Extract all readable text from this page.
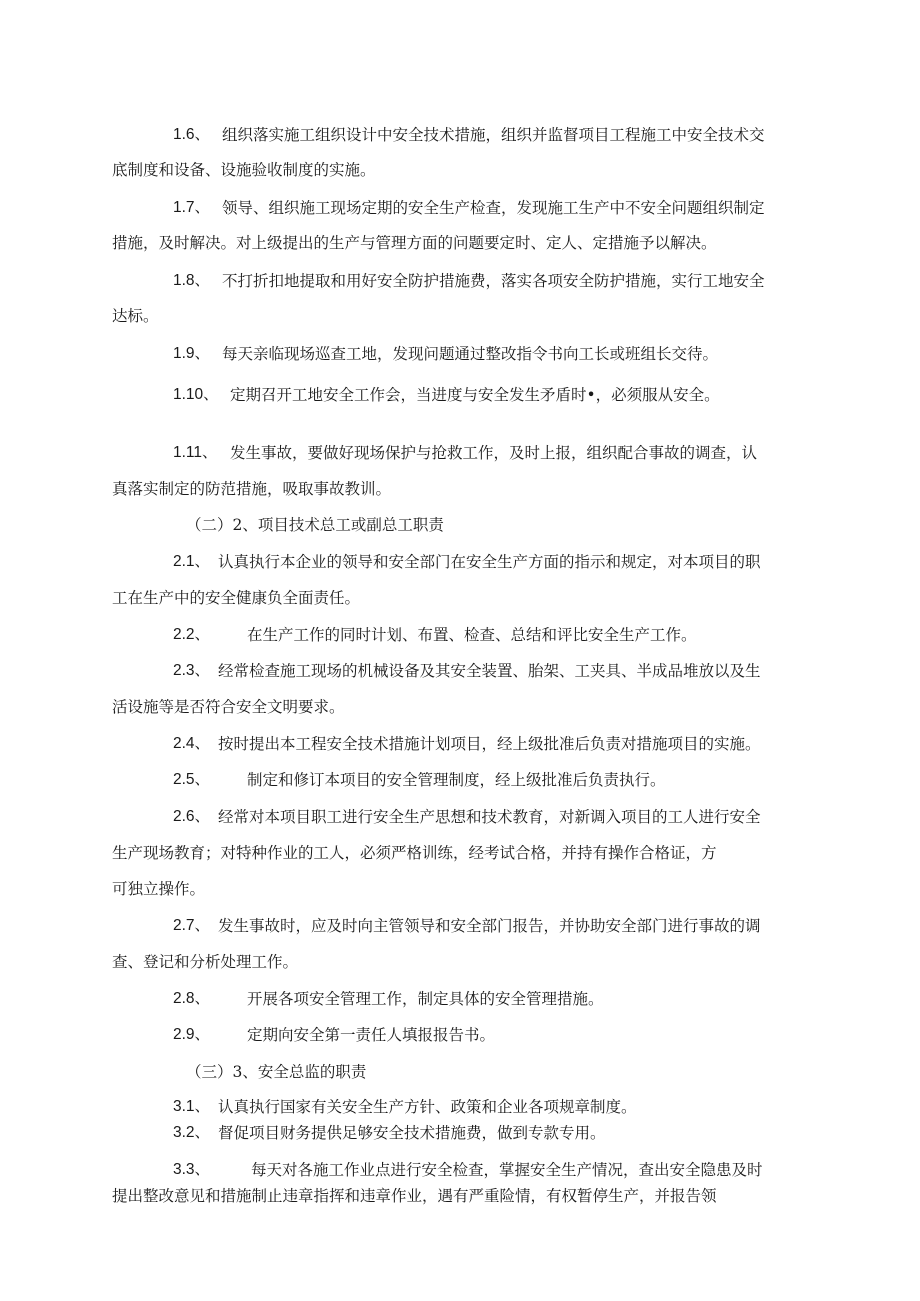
1.6、 组织落实施工组织设计中安全技术措施，组织并监督项目工程施工中安全技术交
底制度和设备、设施验收制度的实施。
1.7、 领导、组织施工现场定期的安全生产检查，发现施工生产中不安全问题组织制定
措施，及时解决。对上级提出的生产与管理方面的问题要定时、定人、定措施予以解决。
1.8、 不打折扣地提取和用好安全防护措施费，落实各项安全防护措施，实行工地安全
达标。
1.9、 每天亲临现场巡查工地，发现问题通过整改指令书向工长或班组长交待。
1.10、 定期召开工地安全工作会，当进度与安全发生矛盾时•，必须服从安全。
1.11、 发生事故，要做好现场保护与抢救工作，及时上报，组织配合事故的调查，认
真落实制定的防范措施，吸取事故教训。
（二）2、项目技术总工或副总工职责
2.1、 认真执行本企业的领导和安全部门在安全生产方面的指示和规定，对本项目的职
工在生产中的安全健康负全面责任。
2.2、 在生产工作的同时计划、布置、检查、总结和评比安全生产工作。
2.3、 经常检查施工现场的机械设备及其安全装置、胎架、工夹具、半成品堆放以及生
活设施等是否符合安全文明要求。
2.4、 按时提出本工程安全技术措施计划项目，经上级批准后负责对措施项目的实施。
2.5、 制定和修订本项目的安全管理制度，经上级批准后负责执行。
2.6、 经常对本项目职工进行安全生产思想和技术教育，对新调入项目的工人进行安全
生产现场教育；对特种作业的工人，必须严格训练，经考试合格，并持有操作合格证，方
可独立操作。
2.7、 发生事故时，应及时向主管领导和安全部门报告，并协助安全部门进行事故的调
查、登记和分析处理工作。
2.8、 开展各项安全管理工作，制定具体的安全管理措施。
2.9、 定期向安全第一责任人填报报告书。
（三）3、安全总监的职责
3.1、 认真执行国家有关安全生产方针、政策和企业各项规章制度。
3.2、 督促项目财务提供足够安全技术措施费，做到专款专用。
3.3、	每天对各施工作业点进行安全检查，掌握安全生产情况，查出安全隐患及时
提出整改意见和措施制止违章指挥和违章作业，遇有严重险情，有权暂停生产，并报告领
